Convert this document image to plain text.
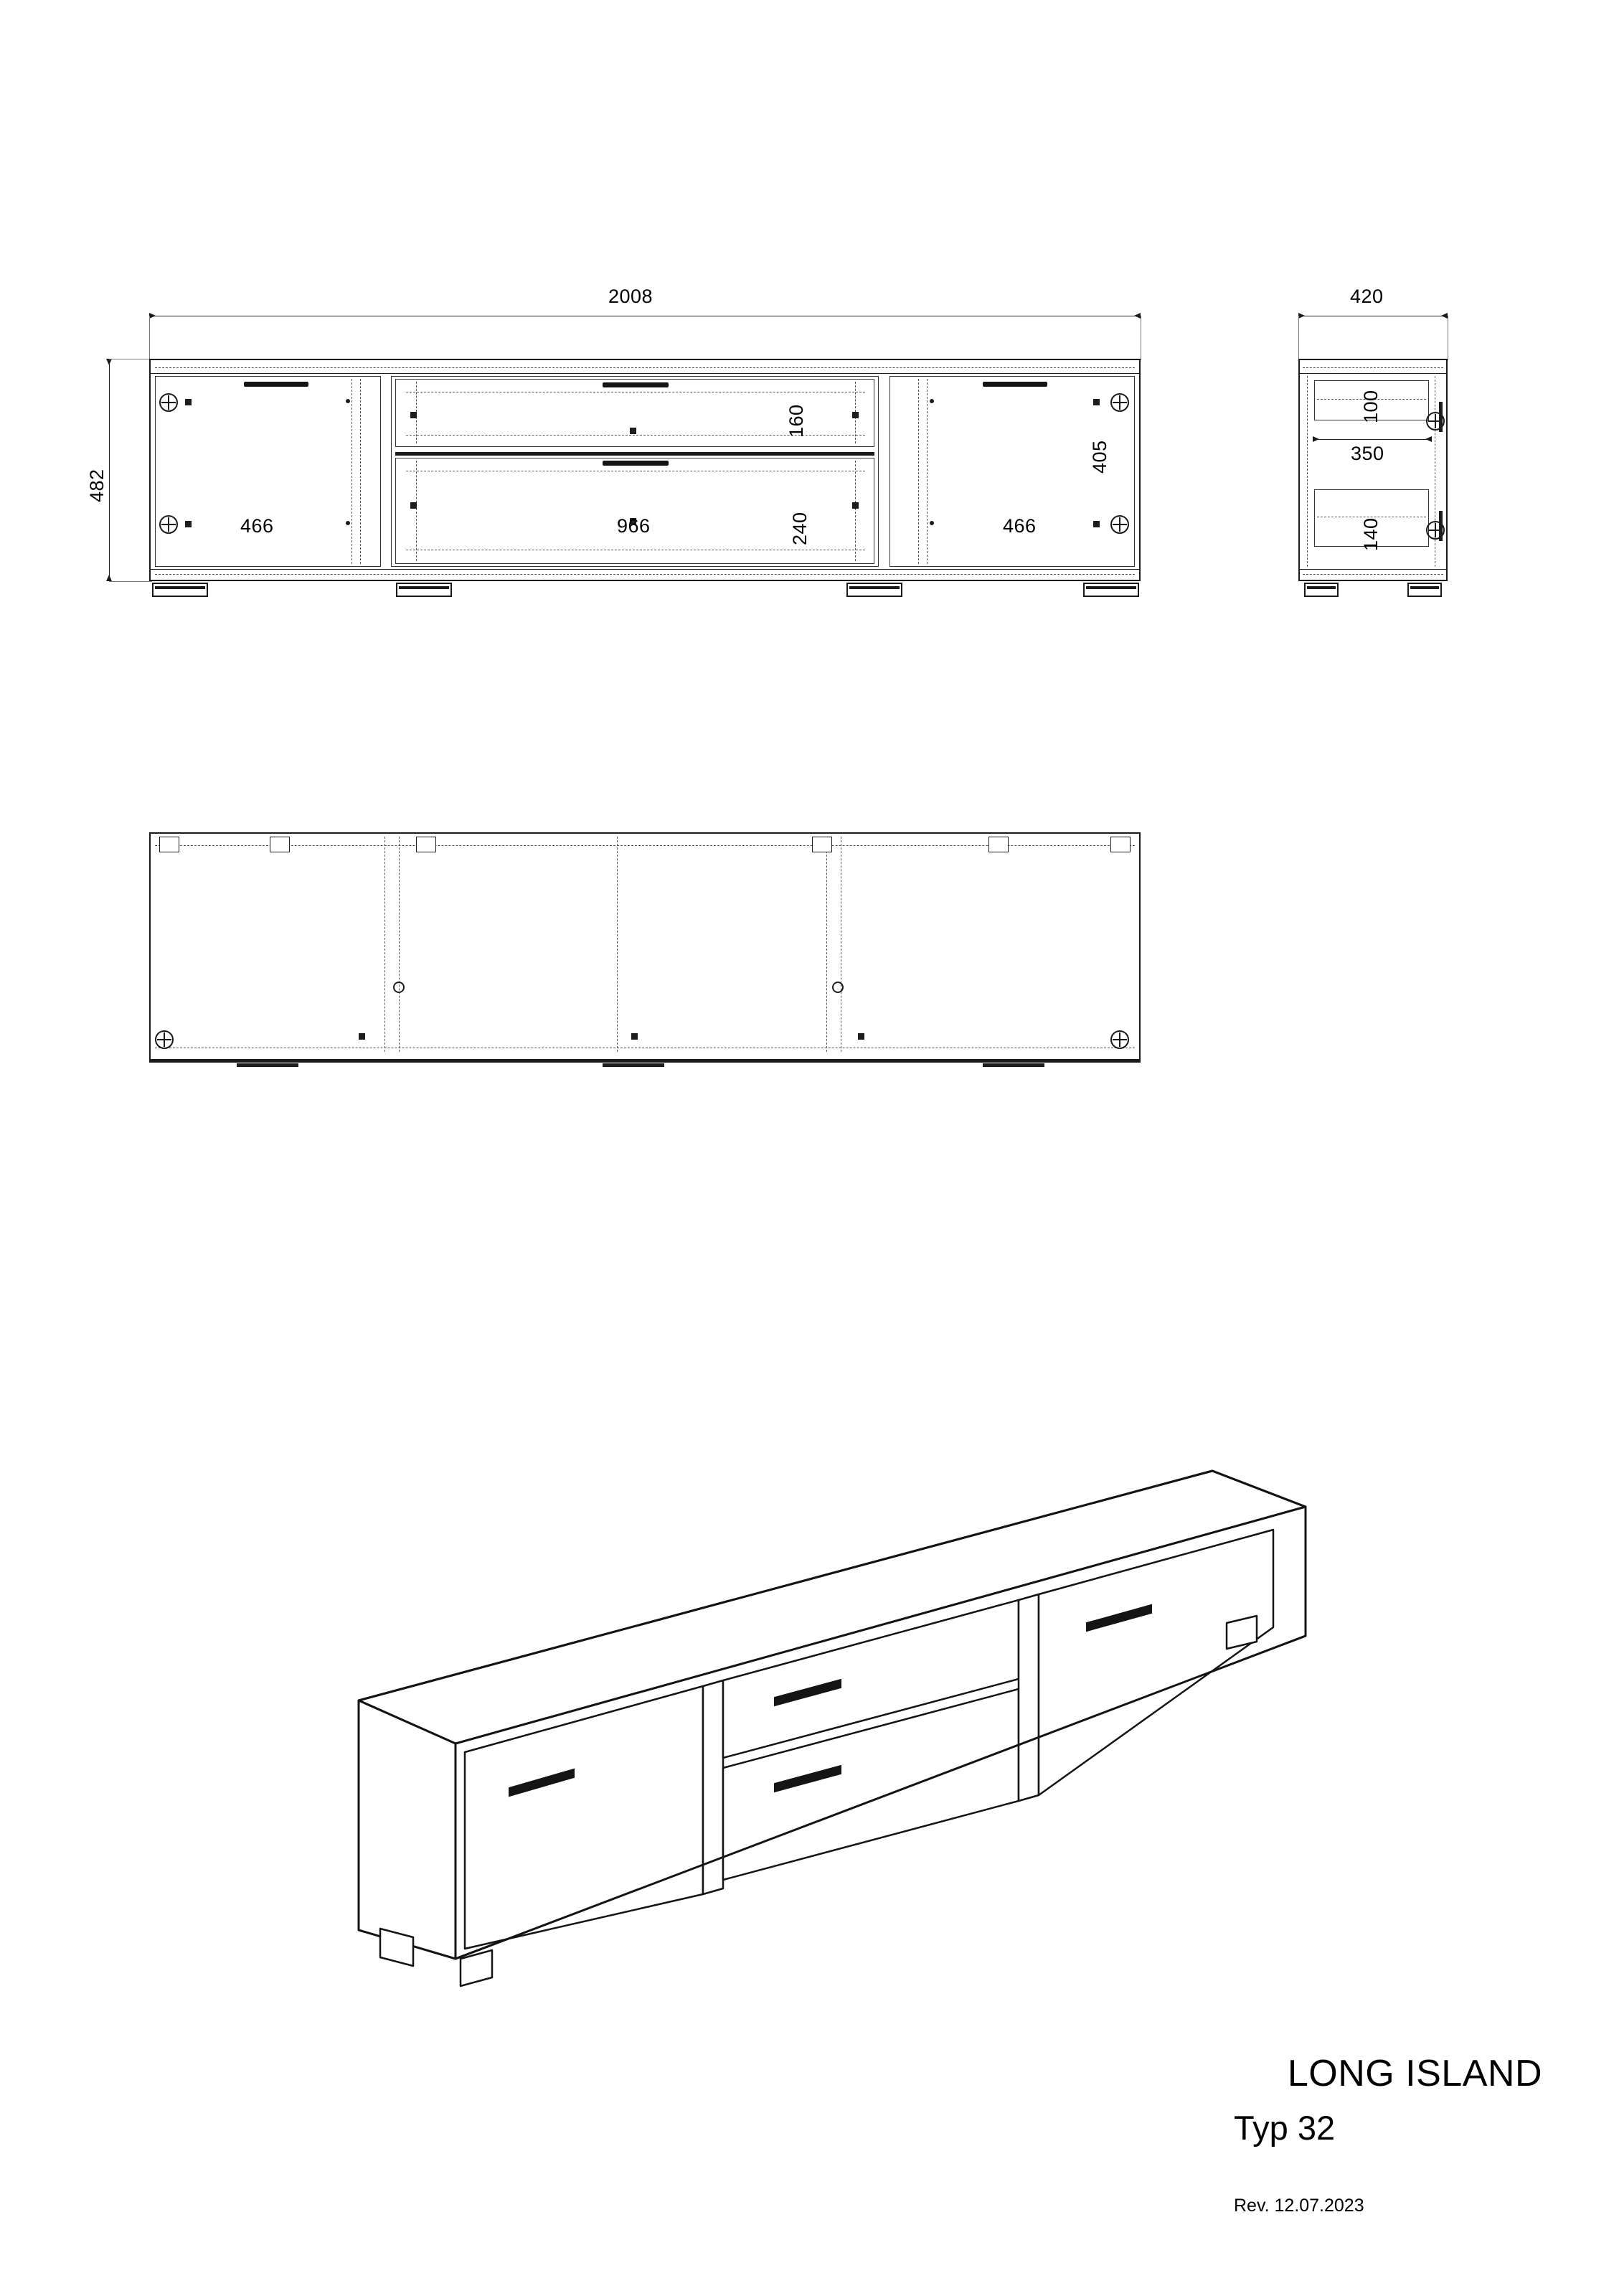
2008
482
466	966
160
240	466
405
420
100
350
140
LONG ISLAND
Typ 32
Rev. 12.07.2023
